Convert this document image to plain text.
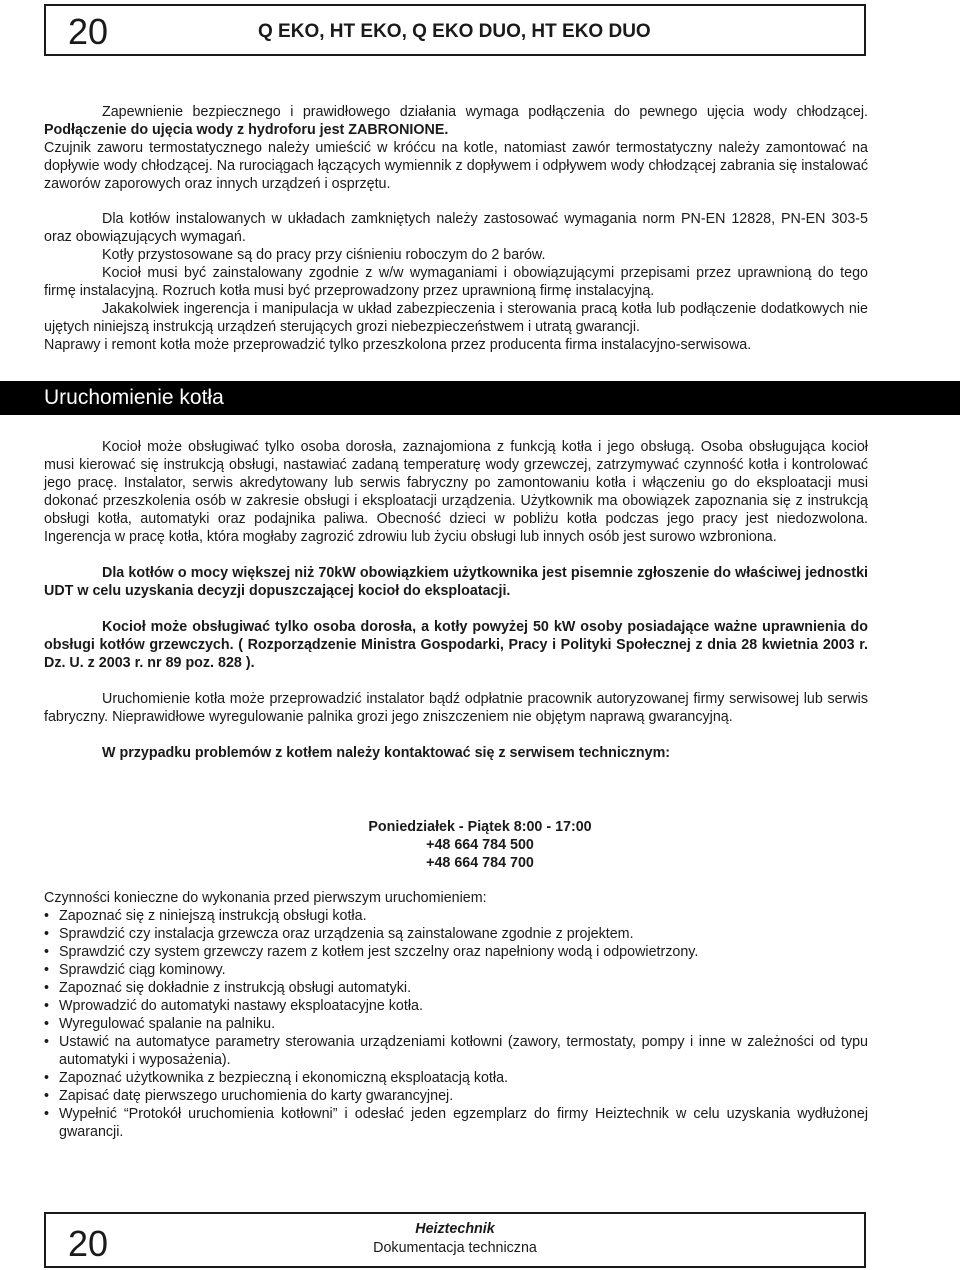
20	Q EKO, HT EKO, Q EKO DUO, HT EKO DUO

Zapewnienie bezpiecznego i prawidłowego działania wymaga podłączenia do pewnego ujęcia wody chłodzącej. Podłączenie do ujęcia wody z hydroforu jest ZABRONIONE.

Czujnik zaworu termostatycznego należy umieścić w króćcu na kotle, natomiast zawór termostatyczny należy zamontować na dopływie wody chłodzącej. Na rurociągach łączących wymiennik z dopływem i odpływem wody chłodzącej zabrania się instalować zaworów zaporowych oraz innych urządzeń i osprzętu.

Dla kotłów instalowanych w układach zamkniętych należy zastosować wymagania norm PN-EN 12828, PN-EN 303-5 oraz obowiązujących wymagań.

Kotły przystosowane są do pracy przy ciśnieniu roboczym do 2 barów.

Kocioł musi być zainstalowany zgodnie z w/w wymaganiami i obowiązującymi przepisami przez uprawnioną do tego firmę instalacyjną. Rozruch kotła musi być przeprowadzony przez uprawnioną firmę instalacyjną.

Jakakolwiek ingerencja i manipulacja w układ zabezpieczenia i sterowania pracą kotła lub podłączenie dodatkowych nie ujętych niniejszą instrukcją urządzeń sterujących grozi niebezpieczeństwem i utratą gwarancji.

Naprawy i remont kotła może przeprowadzić tylko przeszkolona przez producenta firma instalacyjno-serwisowa.

Uruchomienie kotła

Kocioł może obsługiwać tylko osoba dorosła, zaznajomiona z funkcją kotła i jego obsługą. Osoba obsługująca kocioł musi kierować się instrukcją obsługi, nastawiać zadaną temperaturę wody grzewczej, zatrzymywać czynność kotła i kontrolować jego pracę. Instalator, serwis akredytowany lub serwis fabryczny po zamontowaniu kotła i włączeniu go do eksploatacji musi dokonać przeszkolenia osób w zakresie obsługi i eksploatacji urządzenia. Użytkownik ma obowiązek zapoznania się z instrukcją obsługi kotła, automatyki oraz podajnika paliwa. Obecność dzieci w pobliżu kotła podczas jego pracy jest niedozwolona. Ingerencja w pracę kotła, która mogłaby zagrozić zdrowiu lub życiu obsługi lub innych osób jest surowo wzbroniona.

Dla kotłów o mocy większej niż 70kW obowiązkiem użytkownika jest pisemnie zgłoszenie do właściwej jednostki UDT w celu uzyskania decyzji dopuszczającej kocioł do eksploatacji.

Kocioł może obsługiwać tylko osoba dorosła, a kotły powyżej 50 kW osoby posiadające ważne uprawnienia do obsługi kotłów grzewczych. ( Rozporządzenie Ministra Gospodarki, Pracy i Polityki Społecznej z dnia 28 kwietnia 2003 r. Dz. U. z 2003 r. nr 89 poz. 828 ).

Uruchomienie kotła może przeprowadzić instalator bądź odpłatnie pracownik autoryzowanej firmy serwisowej lub serwis fabryczny. Nieprawidłowe wyregulowanie palnika grozi jego zniszczeniem nie objętym naprawą gwarancyjną.

W przypadku problemów z kotłem należy kontaktować się z serwisem technicznym:

Poniedziałek - Piątek 8:00 - 17:00
+48 664 784 500
+48 664 784 700

Czynności konieczne do wykonania przed pierwszym uruchomieniem:

• Zapoznać się z niniejszą instrukcją obsługi kotła.
• Sprawdzić czy instalacja grzewcza oraz urządzenia są zainstalowane zgodnie z projektem.
• Sprawdzić czy system grzewczy razem z kotłem jest szczelny oraz napełniony wodą i odpowietrzony.
• Sprawdzić ciąg kominowy.
• Zapoznać się dokładnie z instrukcją obsługi automatyki.
• Wprowadzić do automatyki nastawy eksploatacyjne kotła.
• Wyregulować spalanie na palniku.
• Ustawić na automatyce parametry sterowania urządzeniami kotłowni (zawory, termostaty, pompy i inne w zależności od typu automatyki i wyposażenia).
• Zapoznać użytkownika z bezpieczną i ekonomiczną eksploatacją kotła.
• Zapisać datę pierwszego uruchomienia do karty gwarancyjnej.
• Wypełnić “Protokół uruchomienia kotłowni” i odesłać jeden egzemplarz do firmy Heiztechnik w celu uzyskania wydłużonej gwarancji.
20	Heiztechnik
Dokumentacja techniczna
